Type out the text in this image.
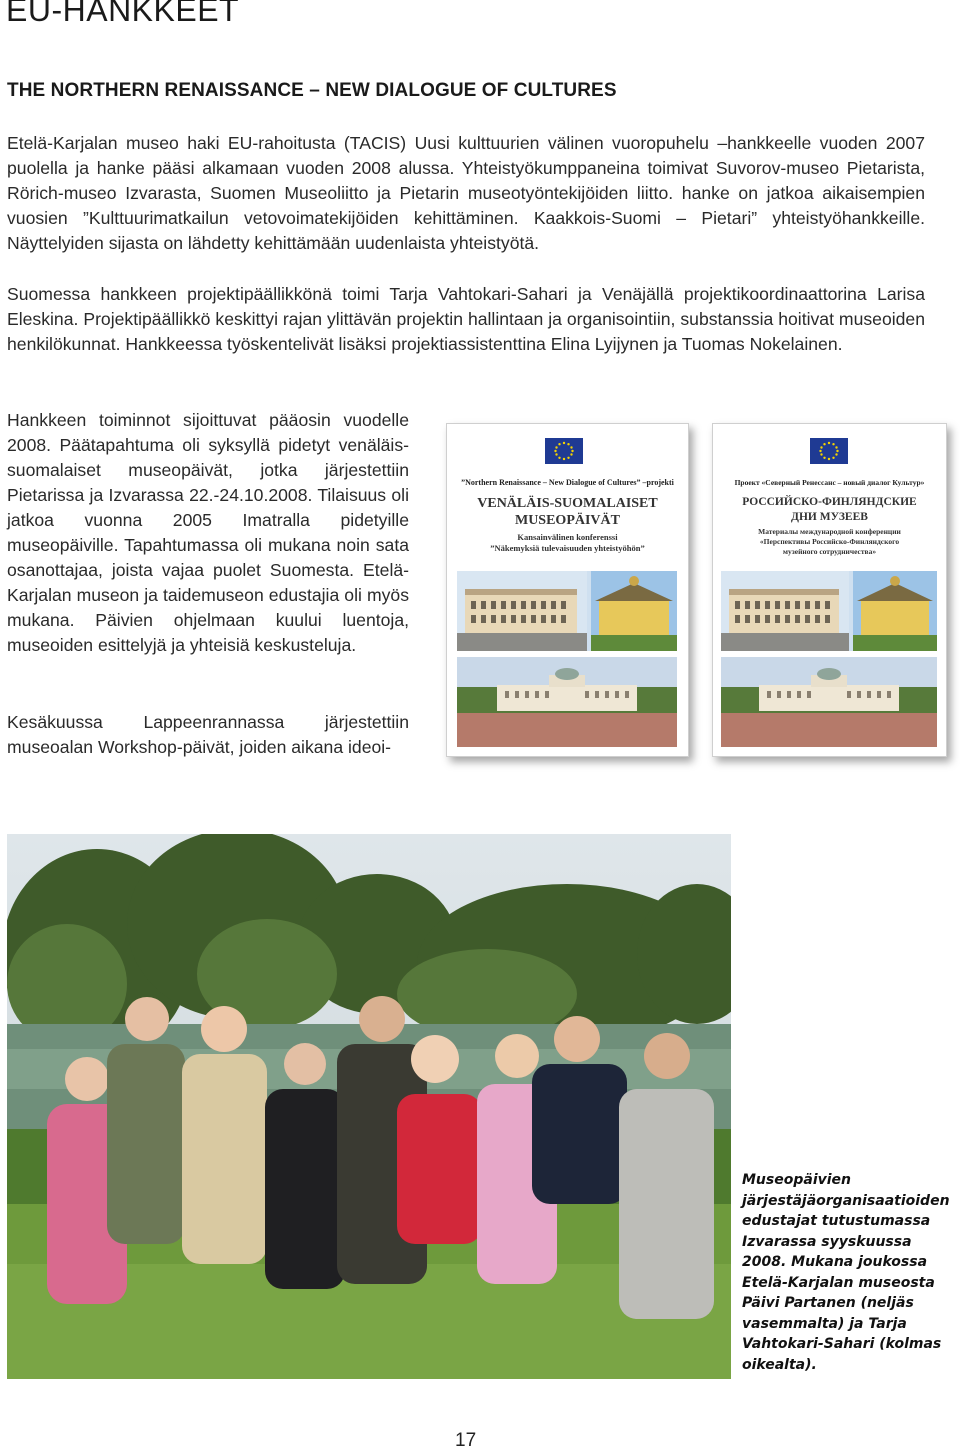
EU-HANKKEET
THE NORTHERN RENAISSANCE – NEW DIALOGUE OF CULTURES
Etelä-Karjalan museo haki EU-rahoitusta (TACIS) Uusi kulttuurien välinen vuoropuhelu –hankkeelle vuoden 2007 puolella ja hanke pääsi alkamaan vuoden 2008 alussa. Yhteistyökumppaneina toimivat Suvorov-museo Pietarista, Rörich-museo Izvarasta, Suomen Museoliitto ja Pietarin museotyöntekijöiden liitto. hanke on jatkoa aikaisempien vuosien ”Kulttuurimatkailun vetovoimatekijöiden kehittäminen. Kaakkois-Suomi – Pietari” yhteistyöhankkeille. Näyttelyiden sijasta on lähdetty kehittämään uudenlaista yhteistyötä.
Suomessa hankkeen projektipäällikkönä toimi Tarja Vahtokari-Sahari ja Venäjällä projektikoordinaattorina Larisa Eleskina. Projektipäällikkö keskittyi rajan ylittävän projektin hallintaan ja organisointiin, substanssia hoitivat museoiden henkilökunnat. Hankkeessa työskentelivät lisäksi projektiassistenttina Elina Lyijynen ja Tuomas Nokelainen.
Hankkeen toiminnot sijoittuvat pääosin vuodelle 2008. Päätapahtuma oli syksyllä pidetyt venäläis-suomalaiset museopäivät, jotka järjestettiin Pietarissa ja Izvarassa 22.-24.10.2008. Tilaisuus oli jatkoa vuonna 2005 Imatralla pidetyille museopäiville. Tapahtumassa oli mukana noin sata osanottajaa, joista vajaa puolet Suomesta. Etelä-Karjalan museon ja taidemuseon edustajia oli myös mukana. Päivien ohjelmaan kuului luentoja, museoiden esittelyjä ja yhteisiä keskusteluja.
Kesäkuussa Lappeenrannassa järjestettiin museoalan Workshop-päivät, joiden aikana ideoi-
”Northern Renaissance – New Dialogue of Cultures” –projekti
VENÄLÄIS-SUOMALAISET
MUSEOPÄIVÄT
Kansainvälinen konferenssi
”Näkemyksiä tulevaisuuden yhteistyöhön”
Проект «Северный Ренессанс – новый диалог Культур»
РОССИЙСКО-ФИНЛЯНДСКИЕ
ДНИ МУЗЕЕВ
Материалы международной конференции
«Перспективы Российско-Финляндского
музейного сотрудничества»
Museopäivien järjestäjäorganisaatioiden edustajat tutustumassa Izvarassa syyskuussa 2008. Mukana joukossa Etelä-Karjalan museosta Päivi Partanen (neljäs vasemmalta) ja Tarja Vahtokari-Sahari (kolmas oikealta).
17
